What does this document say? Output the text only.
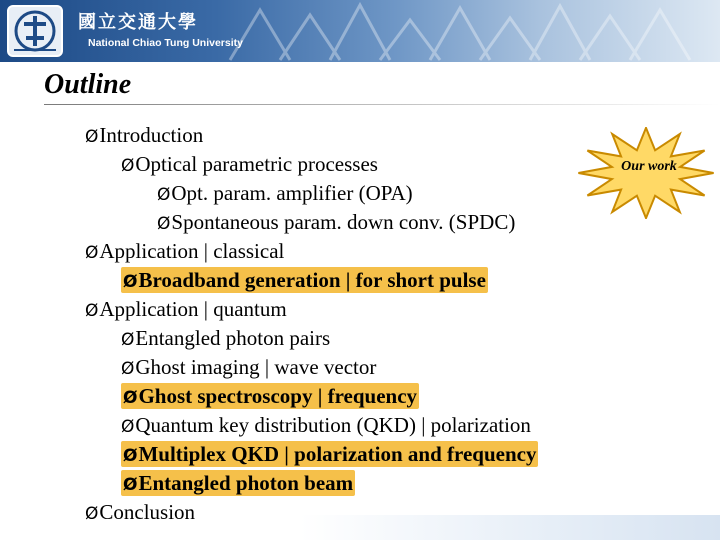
國立交通大學
National Chiao Tung University
Outline
ØIntroduction
ØOptical parametric processes
ØOpt. param. amplifier (OPA)
ØSpontaneous param. down conv. (SPDC)
ØApplication | classical
ØBroadband generation | for short pulse
ØApplication | quantum
ØEntangled photon pairs
ØGhost imaging | wave vector
ØGhost spectroscopy | frequency
ØQuantum key distribution (QKD) | polarization
ØMultiplex QKD | polarization and frequency
ØEntangled photon beam
ØConclusion
Our work
